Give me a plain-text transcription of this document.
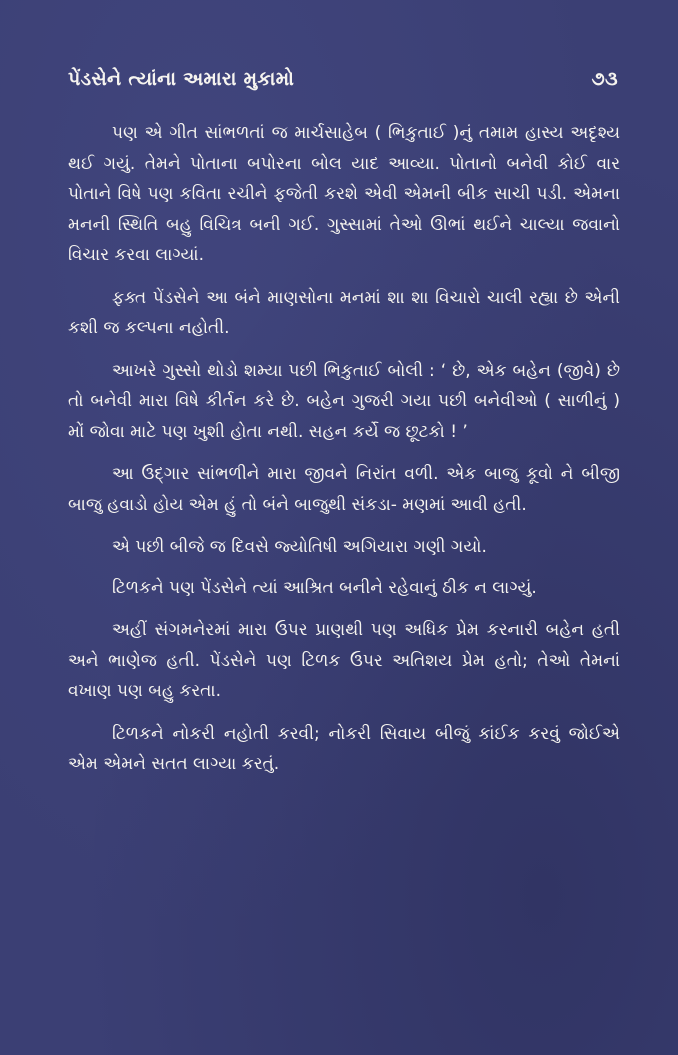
પેંડસેને ત્યાંના અમારા મુકામો	૭૩

પણ એ ગીત સાંભળતાં જ માર્ચસાહેબ ( ભિકુતાઈ )નું તમામ હાસ્ય અદૃશ્ય થઈ ગયું. તેમને પોતાના બપોરના બોલ યાદ આવ્યા. પોતાનો બનેવી કોઈ વાર પોતાને વિષે પણ કવિતા રચીને ફજેતી કરશે એવી એમની બીક સાચી પડી. એમના મનની સ્થિતિ બહુ વિચિત્ર બની ગઈ. ગુસ્સામાં તેઓ ઊભાં થઈને ચાલ્યા જવાનો વિચાર કરવા લાગ્યાં.

ફક્ત પેંડસેને આ બંને માણસોના મનમાં શા શા વિચારો ચાલી રહ્યા છે એની કશી જ કલ્પના નહોતી.

આખરે ગુસ્સો થોડો શમ્યા પછી ભિકુતાઈ બોલી : ‘ છે, એક બહેન (જીવે) છે તો બનેવી મારા વિષે કીર્તન કરે છે. બહેન ગુજરી ગયા પછી બનેવીઓ ( સાળીનું ) મોં જોવા માટે પણ ખુશી હોતા નથી. સહન કર્યે જ છૂટકો ! ’

આ ઉદ્ગાર સાંભળીને મારા જીવને નિરાંત વળી. એક બાજુ કૂવો ને બીજી બાજુ હવાડો હોય એમ હું તો બંને બાજુથી સંકડા- મણમાં આવી હતી.

એ પછી બીજે જ દિવસે જ્યોતિષી અગિયારા ગણી ગયો.

ટિળકને પણ પેંડસેને ત્યાં આશ્રિત બનીને રહેવાનું ઠીક ન લાગ્યું.

અહીં સંગમનેરમાં મારા ઉપર પ્રાણથી પણ અધિક પ્રેમ કરનારી બહેન હતી અને ભાણેજ હતી. પેંડસેને પણ ટિળક ઉપર અતિશય પ્રેમ હતો; તેઓ તેમનાં વખાણ પણ બહુ કરતા.

ટિળકને નોકરી નહોતી કરવી; નોકરી સિવાય બીજું કાંઈક કરવું જોઈએ એમ એમને સતત લાગ્યા કરતું.
